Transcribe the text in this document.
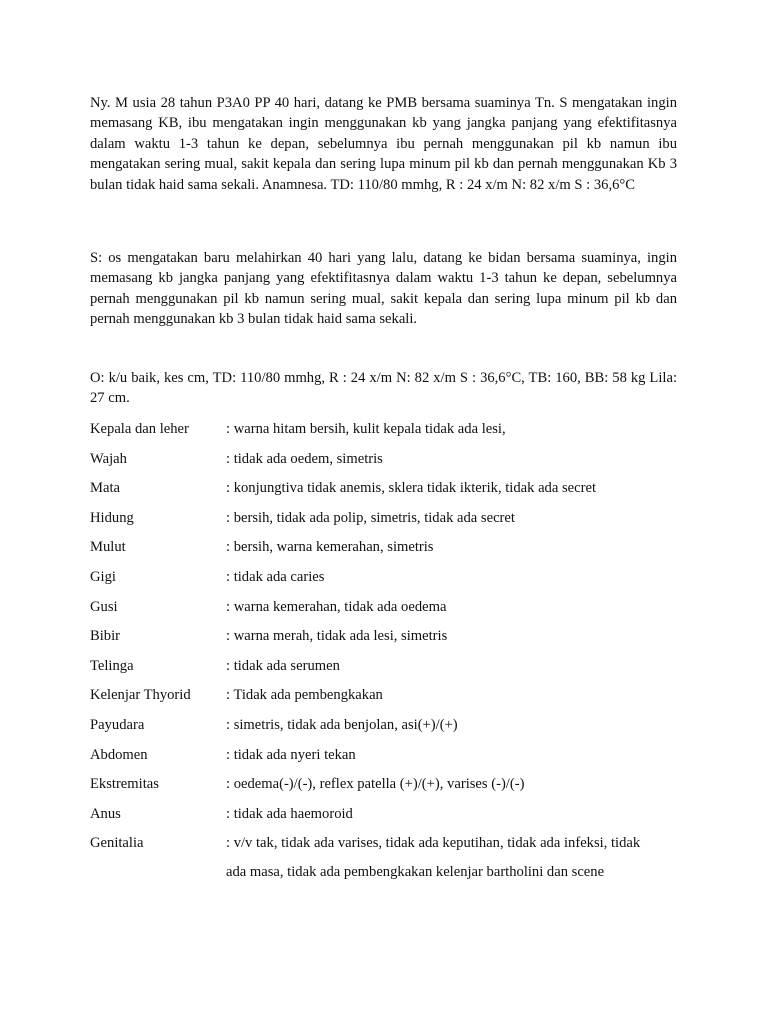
Ny. M usia 28 tahun P3A0 PP 40 hari, datang ke PMB bersama suaminya Tn. S mengatakan ingin memasang KB, ibu mengatakan ingin menggunakan kb yang jangka panjang yang efektifitasnya dalam waktu 1-3 tahun ke depan, sebelumnya ibu pernah menggunakan pil kb namun ibu mengatakan sering mual, sakit kepala dan sering lupa minum pil kb dan pernah menggunakan Kb 3 bulan tidak haid sama sekali. Anamnesa. TD: 110/80 mmhg, R : 24 x/m N: 82 x/m S : 36,6°C

S: os mengatakan baru melahirkan 40 hari yang lalu, datang ke bidan bersama suaminya, ingin memasang kb jangka panjang yang efektifitasnya dalam waktu 1-3 tahun ke depan, sebelumnya pernah menggunakan pil kb namun sering mual, sakit kepala dan sering lupa minum pil kb dan pernah menggunakan kb 3 bulan tidak haid sama sekali.

O: k/u baik, kes cm, TD: 110/80 mmhg, R : 24 x/m N: 82 x/m S : 36,6°C, TB: 160, BB: 58 kg Lila: 27 cm.

Kepala dan leher	: warna hitam bersih, kulit kepala tidak ada lesi,
Wajah	: tidak ada oedem, simetris
Mata	: konjungtiva tidak anemis, sklera tidak ikterik, tidak ada secret
Hidung	: bersih, tidak ada polip, simetris, tidak ada secret
Mulut	: bersih, warna kemerahan, simetris
Gigi	: tidak ada caries
Gusi	: warna kemerahan, tidak ada oedema
Bibir	: warna merah, tidak ada lesi, simetris
Telinga	: tidak ada serumen
Kelenjar Thyorid	: Tidak ada pembengkakan
Payudara	: simetris, tidak ada benjolan, asi(+)/(+)
Abdomen	: tidak ada nyeri tekan
Ekstremitas	: oedema(-)/(-), reflex patella (+)/(+), varises (-)/(-)
Anus	: tidak ada haemoroid
Genitalia	: v/v tak, tidak ada varises, tidak ada keputihan, tidak ada infeksi, tidak
ada masa, tidak ada pembengkakan kelenjar bartholini dan scene
